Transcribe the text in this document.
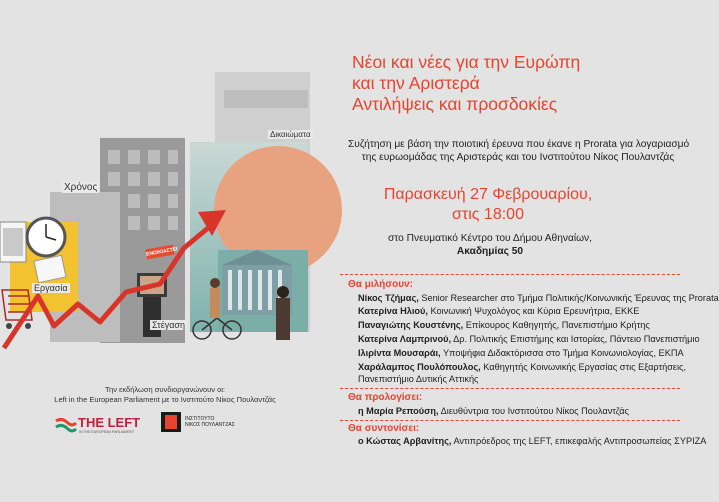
Δικαιώματα
Χρόνος
Εργασία
Στέγαση
ΕΝΟΙΚΙΑΣΤΕΙ
Την εκδήλωση συνδιοργανώνουν οι:
Left in the European Parliament με το Ινστιτούτο Νίκος Πουλαντζάς
THE LEFT
IN THE EUROPEAN PARLIAMENT
ΙΝΣΤΙΤΟΥΤΟ
ΝΙΚΟΣ ΠΟΥΛΑΝΤΖΑΣ
Νέοι και νέες για την Ευρώπη
και την Αριστερά
Αντιλήψεις και προσδοκίες
Συζήτηση με βάση την ποιοτική έρευνα που έκανε η Prorata για λογαριασμό
της ευρωομάδας της Αριστεράς και του Ινστιτούτου Νίκος Πουλαντζάς
Παρασκευή 27 Φεβρουαρίου,
στις 18:00
στο Πνευματικό Κέντρο του Δήμου Αθηναίων,
Ακαδημίας 50
Θα μιλήσουν:
Νίκος Τζήμας, Senior Researcher στο Τμήμα Πολιτικής/Κοινωνικής Έρευνας της Prorata
Κατερίνα Ηλιού, Κοινωνική Ψυχολόγος και Κύρια Ερευνήτρια, ΕΚΚΕ
Παναγιώτης Κουστένης, Επίκουρος Καθηγητής, Πανεπιστήμιο Κρήτης
Κατερίνα Λαμπρινού, Δρ. Πολιτικής Επιστήμης και Ιστορίας, Πάντειο Πανεπιστήμιο
Ιλιρίντα Μουσαράι, Υποψήφια Διδακτόρισσα στο Τμήμα Κοινωνιολογίας, ΕΚΠΑ
Χαράλαμπος Πουλόπουλος, Καθηγητής Κοινωνικής Εργασίας στις Εξαρτήσεις,
Πανεπιστήμιο Δυτικής Αττικής
Θα προλογίσει:
η Μαρία Ρεπούση, Διευθύντρια του Ινστιτούτου Νίκος Πουλαντζάς
Θα συντονίσει:
ο Κώστας Αρβανίτης, Αντιπρόεδρος της LEFT, επικεφαλής Αντιπροσωπείας ΣΥΡΙΖΑ
